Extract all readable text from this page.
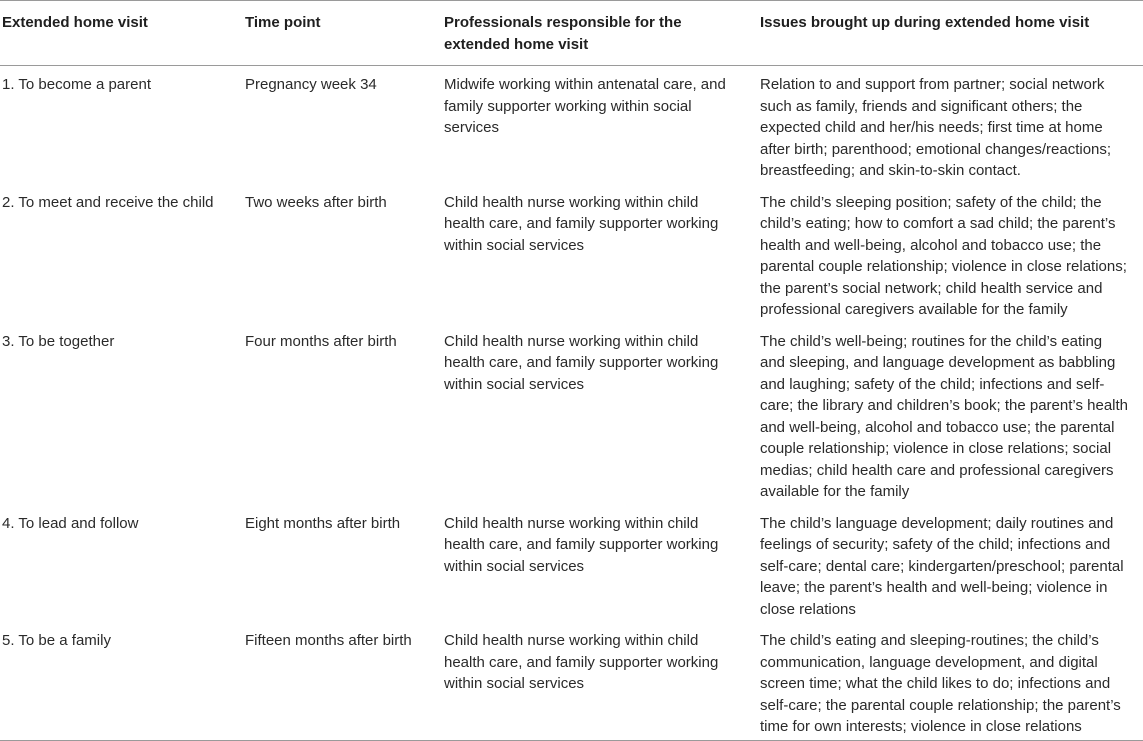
Extended home visit	Time point	Professionals responsible for the extended home visit	Issues brought up during extended home visit
1. To become a parent	Pregnancy week 34	Midwife working within antenatal care, and family supporter working within social services	Relation to and support from partner; social network such as family, friends and significant others; the expected child and her/his needs; first time at home after birth; parenthood; emotional changes/reactions; breastfeeding; and skin-to-skin contact.
2. To meet and receive the child	Two weeks after birth	Child health nurse working within child health care, and family supporter working within social services	The child’s sleeping position; safety of the child; the child’s eating; how to comfort a sad child; the parent’s health and well-being, alcohol and tobacco use; the parental couple relationship; violence in close relations; the parent’s social network; child health service and professional caregivers available for the family
3. To be together	Four months after birth	Child health nurse working within child health care, and family supporter working within social services	The child’s well-being; routines for the child’s eating and sleeping, and language development as babbling and laughing; safety of the child; infections and self-care; the library and children’s book; the parent’s health and well-being, alcohol and tobacco use; the parental couple relationship; violence in close relations; social medias; child health care and professional caregivers available for the family
4. To lead and follow	Eight months after birth	Child health nurse working within child health care, and family supporter working within social services	The child’s language development; daily routines and feelings of security; safety of the child; infections and self-care; dental care; kindergarten/preschool; parental leave; the parent’s health and well-being; violence in close relations
5. To be a family	Fifteen months after birth	Child health nurse working within child health care, and family supporter working within social services	The child’s eating and sleeping-routines; the child’s communication, language development, and digital screen time; what the child likes to do; infections and self-care; the parental couple relationship; the parent’s time for own interests; violence in close relations
